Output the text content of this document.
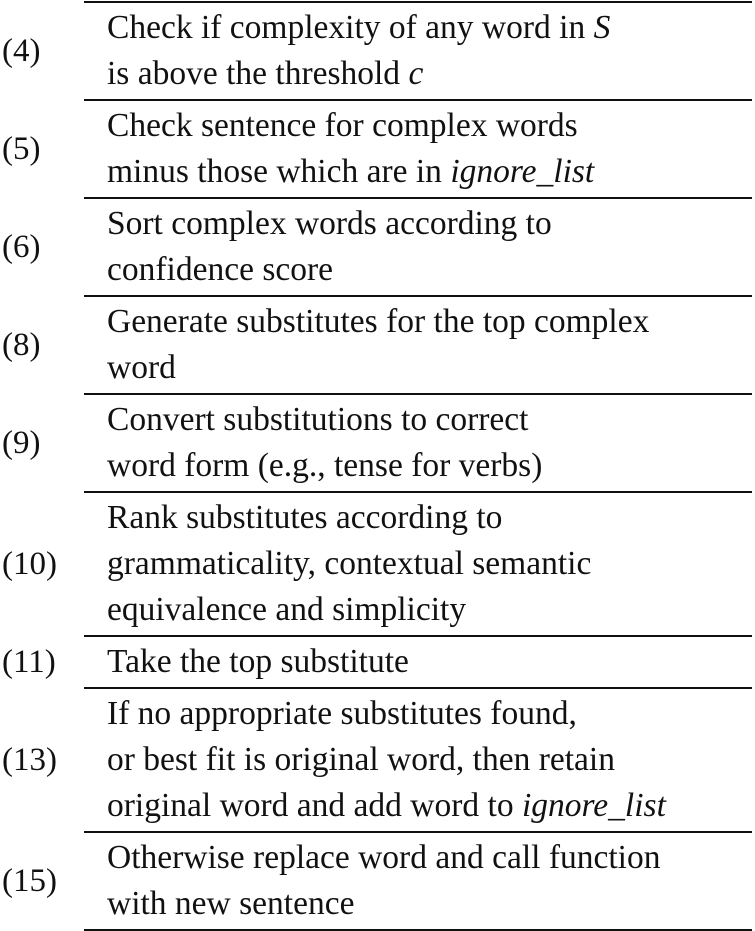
(4)
Check if complexity of any word in S
is above the threshold c
(5)
Check sentence for complex words
minus those which are in ignore_list
(6)
Sort complex words according to
confidence score
(8)
Generate substitutes for the top complex
word
(9)
Convert substitutions to correct
word form (e.g., tense for verbs)
(10)
Rank substitutes according to
grammaticality, contextual semantic
equivalence and simplicity
(11)	Take the top substitute
(13)
If no appropriate substitutes found,
or best fit is original word, then retain
original word and add word to ignore_list
(15)
Otherwise replace word and call function
with new sentence
